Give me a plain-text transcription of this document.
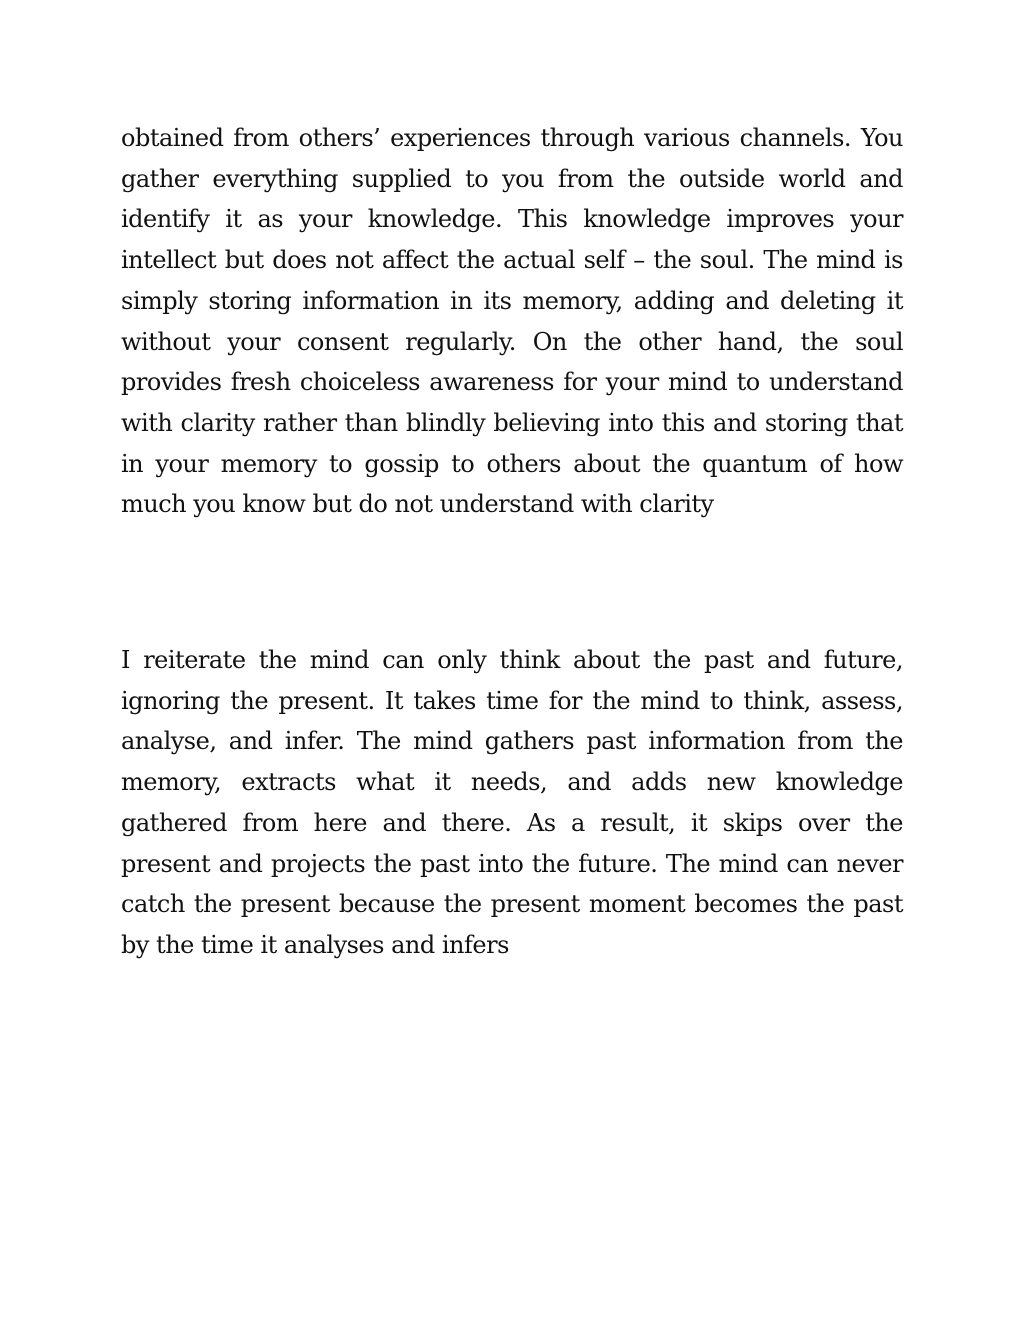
obtained from others’ experiences through various channels. You gather everything supplied to you from the outside world and identify it as your knowledge. This knowledge improves your intellect but does not affect the actual self – the soul. The mind is simply storing information in its memory, adding and deleting it without your consent regularly. On the other hand, the soul provides fresh choiceless awareness for your mind to understand with clarity rather than blindly believing into this and storing that in your memory to gossip to others about the quantum of how much you know but do not understand with clarity

I reiterate the mind can only think about the past and future, ignoring the present. It takes time for the mind to think, assess, analyse, and infer. The mind gathers past information from the memory, extracts what it needs, and adds new knowledge gathered from here and there. As a result, it skips over the present and projects the past into the future. The mind can never catch the present because the present moment becomes the past by the time it analyses and infers
